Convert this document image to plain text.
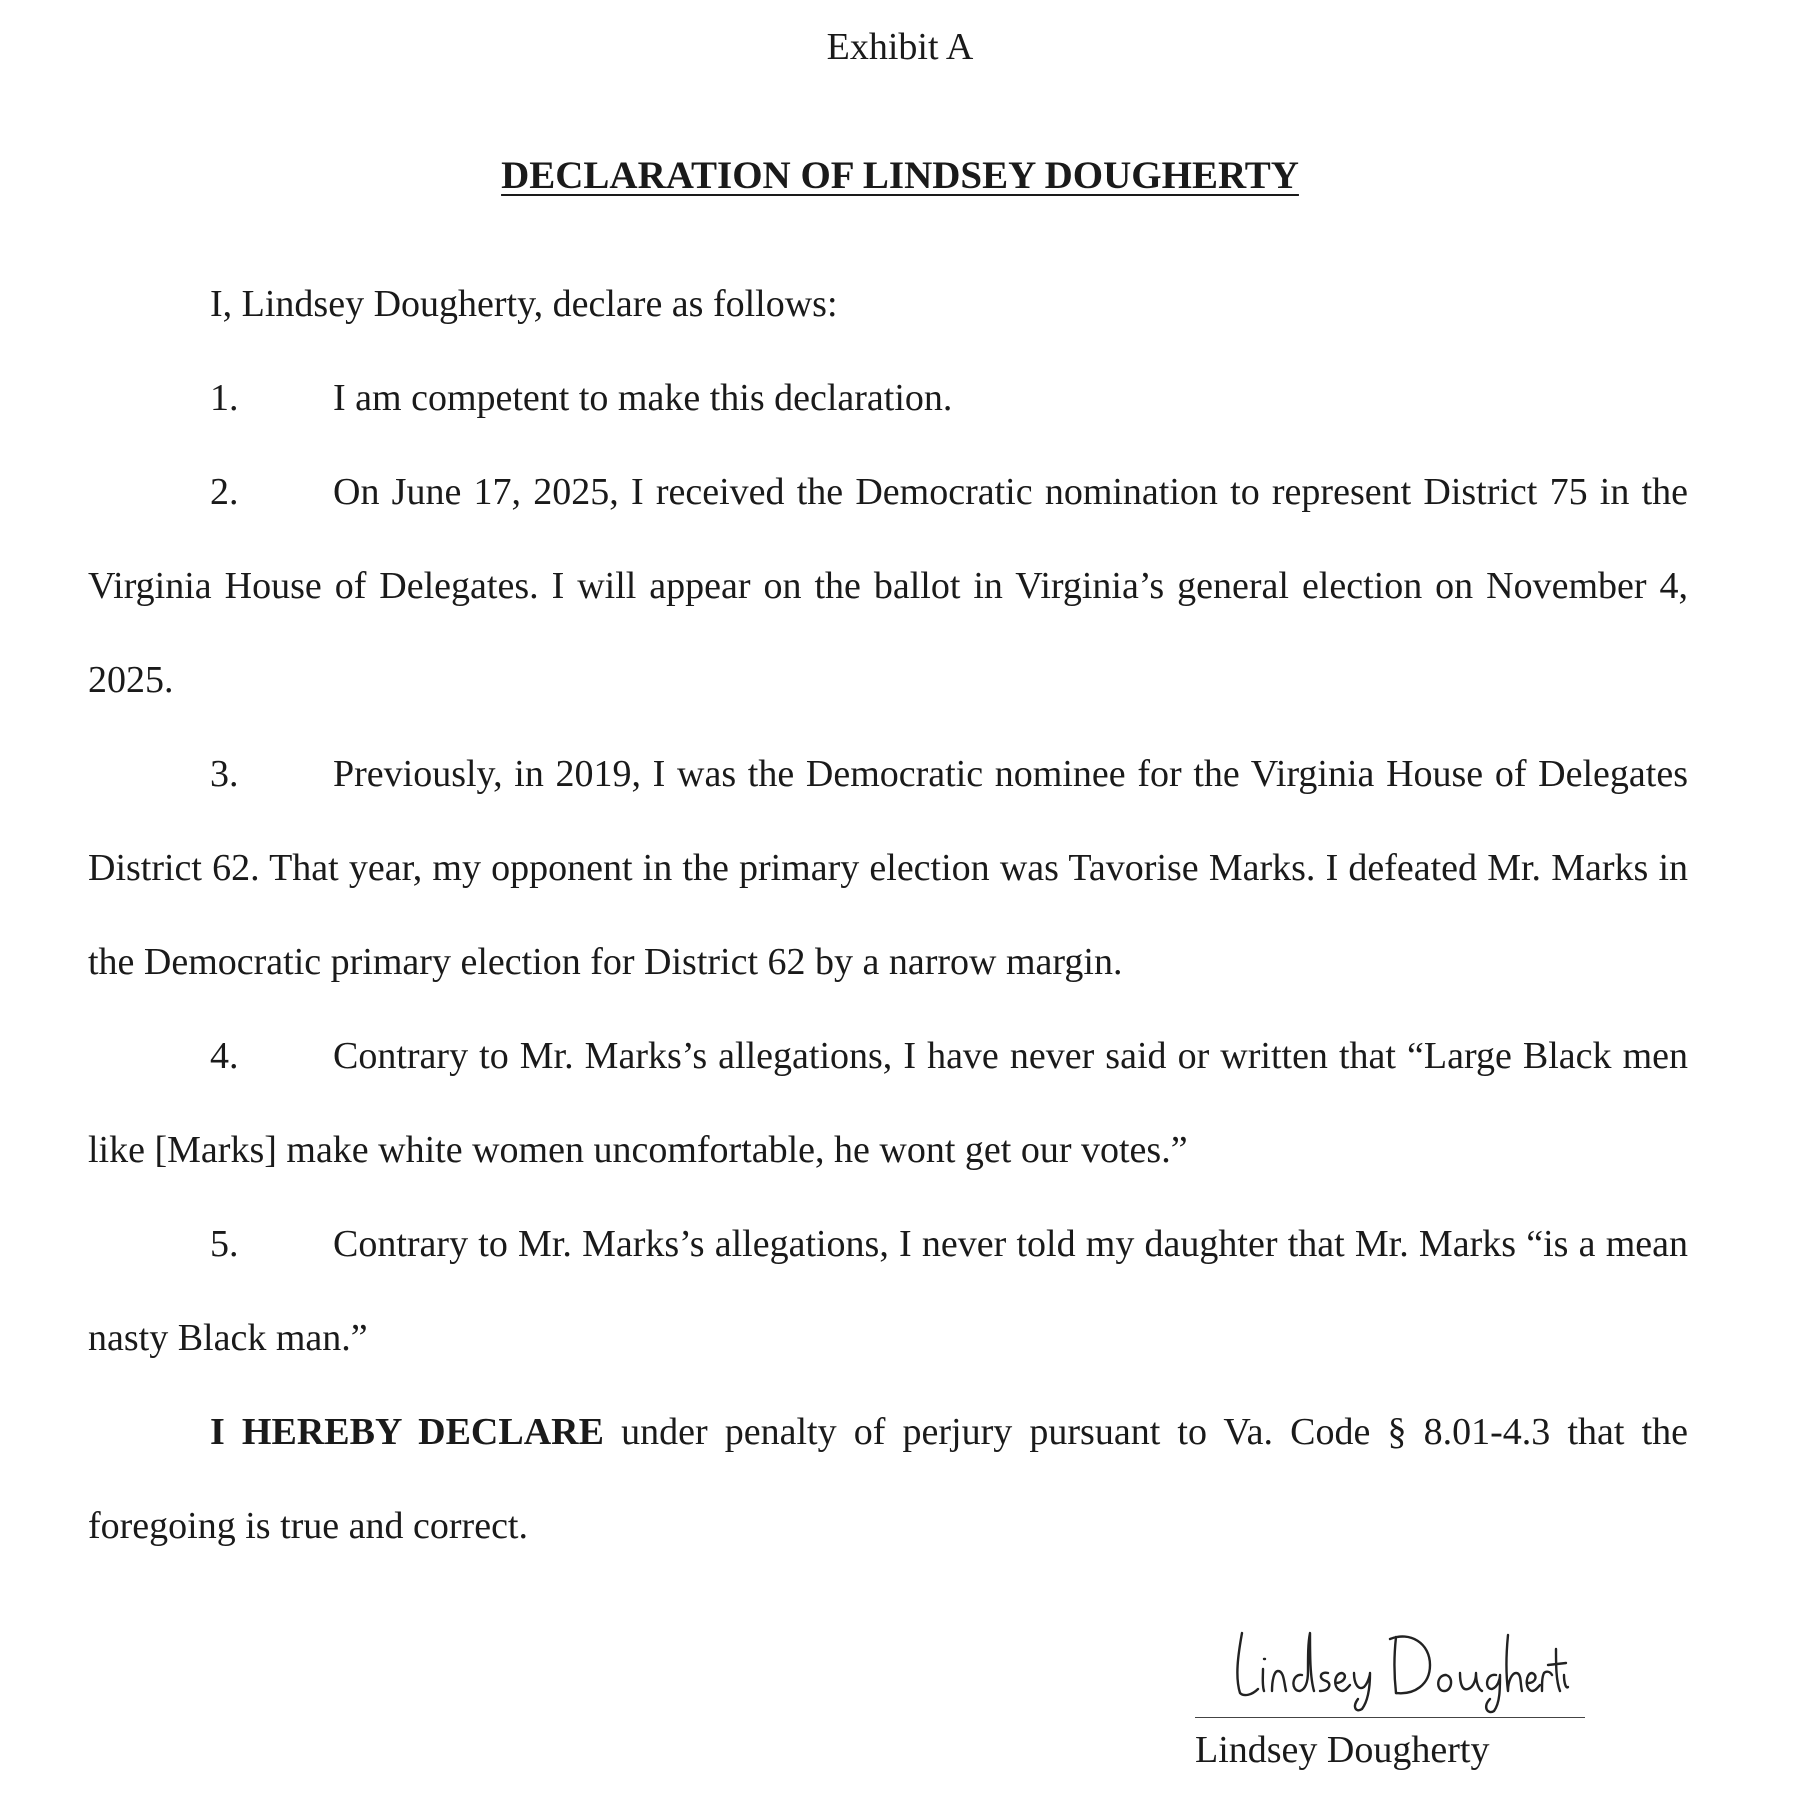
Exhibit A
DECLARATION OF LINDSEY DOUGHERTY

I, Lindsey Dougherty, declare as follows:

1. I am competent to make this declaration.

2. On June 17, 2025, I received the Democratic nomination to represent District 75 in the Virginia House of Delegates. I will appear on the ballot in Virginia’s general election on November 4, 2025.

3. Previously, in 2019, I was the Democratic nominee for the Virginia House of Delegates District 62. That year, my opponent in the primary election was Tavorise Marks. I defeated Mr. Marks in the Democratic primary election for District 62 by a narrow margin.

4. Contrary to Mr. Marks’s allegations, I have never said or written that “Large Black men like [Marks] make white women uncomfortable, he wont get our votes.”

5. Contrary to Mr. Marks’s allegations, I never told my daughter that Mr. Marks “is a mean nasty Black man.”

I HEREBY DECLARE under penalty of perjury pursuant to Va. Code § 8.01-4.3 that the foregoing is true and correct.

Lindsey Dougherty
